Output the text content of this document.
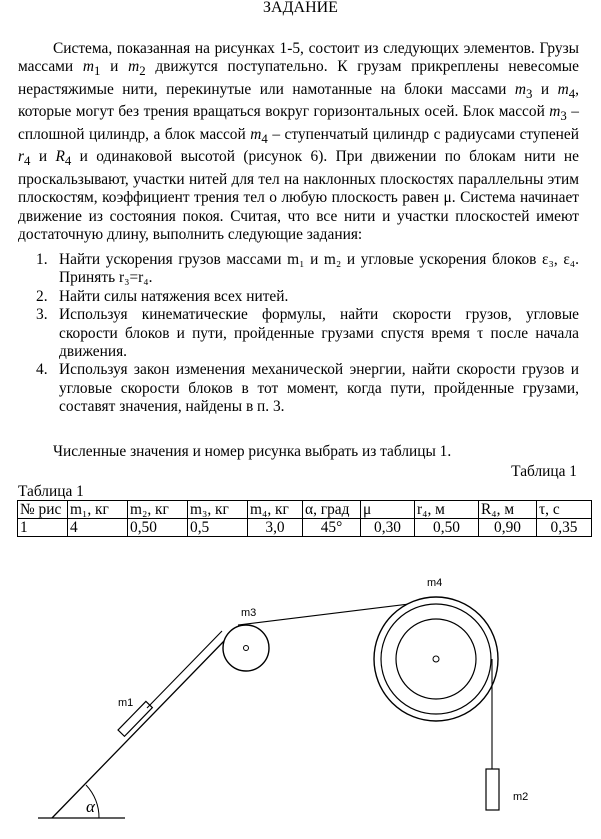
ЗАДАНИЕ
Система, показанная на рисунках 1-5, состоит из следующих элементов. Грузы массами $m_1$ и $m_2$ движутся поступательно. К грузам прикреплены невесомые нерастяжимые нити, перекинутые или намотанные на блоки массами $m_3$ и $m_4$, которые могут без трения вращаться вокруг горизонтальных осей. Блок массой $m_3$ – сплошной цилиндр, а блок массой $m_4$ – ступенчатый цилиндр с радиусами ступеней $r_4$ и $R_4$ и одинаковой высотой (рисунок 6). При движении по блокам нити не проскальзывают, участки нитей для тел на наклонных плоскостях параллельны этим плоскостям, коэффициент трения тел о любую плоскость равен μ. Система начинает движение из состояния покоя. Считая, что все нити и участки плоскостей имеют достаточную длину, выполнить следующие задания:
1. Найти ускорения грузов массами m₁ и m₂ и угловые ускорения блоков ε₃, ε₄. Принять r₃=r₄.
2. Найти силы натяжения всех нитей.
3. Используя кинематические формулы, найти скорости грузов, угловые скорости блоков и пути, пройденные грузами спустя время τ после начала движения.
4. Используя закон изменения механической энергии, найти скорости грузов и угловые скорости блоков в тот момент, когда пути, пройденные грузами, составят значения, найдены в п. 3.
Численные значения и номер рисунка выбрать из таблицы 1.
Таблица 1
Таблица 1
№ рис	m₁, кг	m₂, кг	m₃, кг	m₄, кг	α, град	μ	r₄, м	R₄, м	τ, с
1	4	0,50	0,5	3,0	45°	0,30	0,50	0,90	0,35
α
m1
m3
m4
m2
